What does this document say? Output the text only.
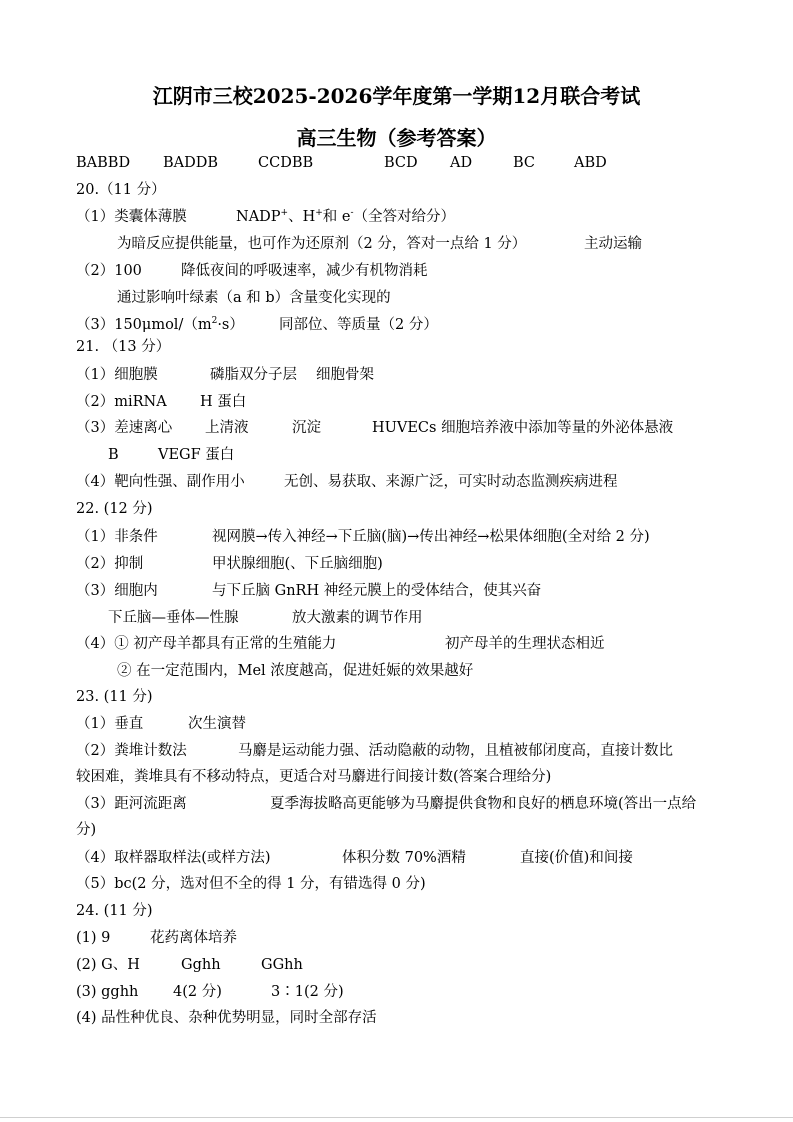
江阴市三校2025-2026学年度第一学期12月联合考试
高三生物（参考答案）
BABBD BADDB	CCDBB	BCD AD	BC	ABD
20.（11 分）
（1）类囊体薄膜	NADP+、H+和 e-（全答对给分）
为暗反应提供能量，也可作为还原剂（2 分，答对一点给 1 分）	主动运输
（2）100	降低夜间的呼吸速率，减少有机物消耗
通过影响叶绿素（a 和 b）含量变化实现的
$(3)150\mu mol/(m^2\cdot s)$ 同部位、等质量（2 分）
21. （13 分）
（1）细胞膜	磷脂双分子层 细胞骨架
（2）miRNA H 蛋白
（3）差速离心 上清液	沉淀	HUVECs 细胞培养液中添加等量的外泌体悬液
B	VEGF 蛋白
（4）靶向性强、副作用小	无创、易获取、来源广泛，可实时动态监测疾病进程
22. (12 分)
（1）非条件	视网膜→传入神经→下丘脑(脑)→传出神经→松果体细胞(全对给 2 分)
（2）抑制	甲状腺细胞(、下丘脑细胞)
（3）细胞内	与下丘脑 GnRH 神经元膜上的受体结合，使其兴奋
下丘脑—垂体—性腺	放大激素的调节作用
（4）① 初产母羊都具有正常的生殖能力	初产母羊的生理状态相近
② 在一定范围内，Mel 浓度越高，促进妊娠的效果越好
23. (11 分)
（1）垂直	次生演替
（2）粪堆计数法	马麝是运动能力强、活动隐蔽的动物，且植被郁闭度高，直接计数比
较困难，粪堆具有不移动特点，更适合对马麝进行间接计数(答案合理给分)
（3）距河流距离	夏季海拔略高更能够为马麝提供食物和良好的栖息环境(答出一点给
分)
（4）取样器取样法(或样方法)	体积分数 70%酒精	直接(价值)和间接
（5）bc(2 分，选对但不全的得 1 分，有错选得 0 分)
24. (11 分)
(1) 9	花药离体培养
(2) G、H	Gghh	GGhh
(3) gghh 4(2 分)	3∶1(2 分)
(4) 品性种优良、杂种优势明显，同时全部存活
